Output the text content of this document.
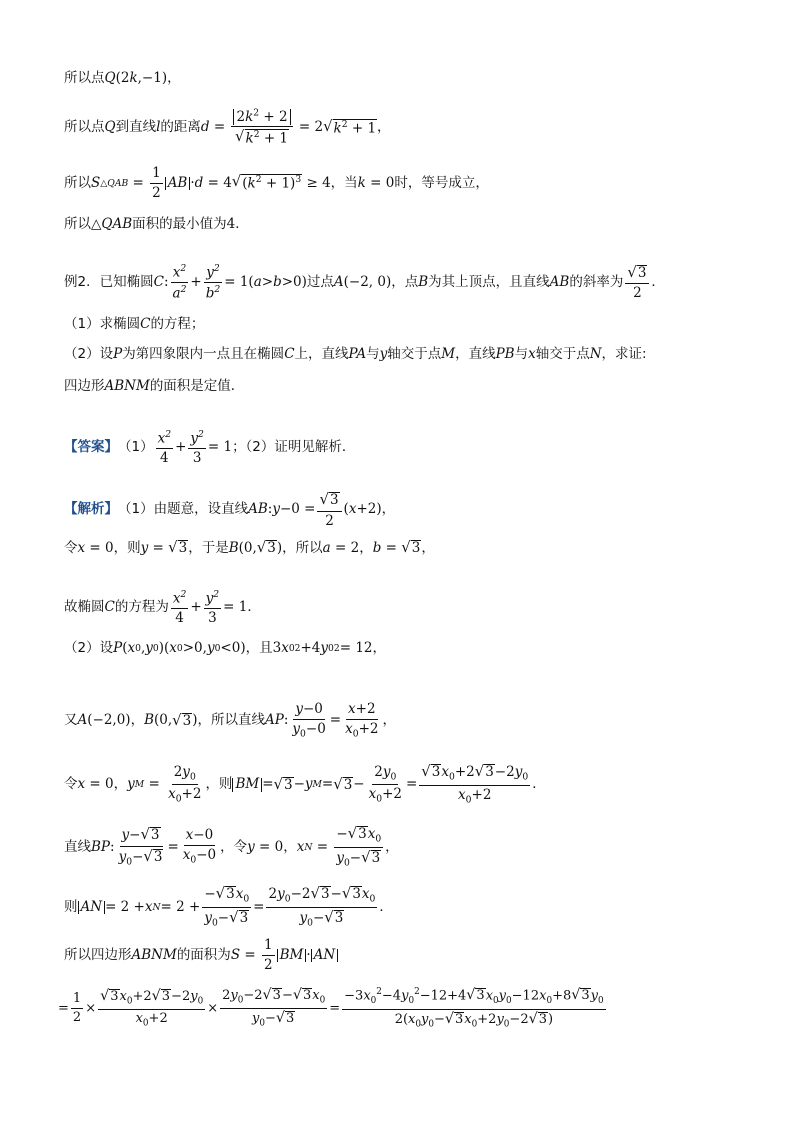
所以点 Q (2 k ,−1) ，
所以点 Q 到直线 l 的距离 $d = \frac{2k^2 + 2}{√ k^2 + 1} = 2$ √ $k^2 + 1$ ，
所以 S △QAB = $\frac{1}{2}$ AB · d = 4 √ $(k^2 + 1)^3 \ge 4$ ，当 k = 0 时，等号成立，
所以 △ QAB 面积的最小值为 4 ．
例2．已知椭圆 C : $\frac{x^2}{a^2} + \frac{y^2}{b^2} = 1$( a > b >0) 过点 A (−2, 0) ，点 B 为其上顶点，且直线 AB 的斜率为 $\frac{√ 3}{2}$ ．
（1）求椭圆 C 的方程；
（2）设 P 为第四象限内一点且在椭圆 C 上，直线 PA 与 y 轴交于点 M ，直线 PB 与 x 轴交于点 N ，求证:
四边形 ABNM 的面积是定值．
【答案】 $(1) \frac{x^2}{4} + \frac{y^2}{3} = 1$ ；（2）证明见解析．
【解析】 （1）由题意，设直线 AB : $y -0 = \frac{√ 3}{2}$ ( x +2) ，
令 x = 0 ，则 y = √ 3 ，于是 B (0, √ 3 ) ，所以 a = 2 ， b = √ 3 ，
故椭圆 C 的方程为 $\frac{x^2}{4} + \frac{y^2}{3} = 1$ ．
（2）设 P ( x 0 , y 0 )( x 0 >0, y 0 <0) ，且 3 x 0 2 +4 y 0 2 = 12 ，
又 A (−2,0) ， B (0, √ 3 ) ，所以直线 AP : $\frac{y-0}{y_0-0} = \frac{x+2}{x_0+2}$ ，
令 x = 0 ， y $M = \frac{2y_0}{x_0+2}$ ，则 BM = √ 3 − y M = √ $3 - \frac{2y_0}{x_0+2} = \frac{√ 3 x_0+2 √ 3 -2y_0}{x_0+2}$ ．
直线 BP : $\frac{y- √ 3}{y_0- √ 3} = \frac{x-0}{x_0-0}$ ，令 y = 0 ， x $N = \frac{- √ 3 x_0}{y_0- √ 3}$ ，
则 AN = 2 + x $N = 2 + \frac{- √ 3 x_0}{y_0- √ 3} = \frac{2y_0-2 √ 3 - √ 3 x_0}{y_0- √ 3}$ ．
所以四边形 ABNM 的面积为 $S = \frac{1}{2}$ BM · AN
= $\frac{1}{2} \times \frac{√ 3 x_0+2 √ 3 -2y_0}{x_0+2} \times \frac{2y_0-2 √ 3 - √ 3 x_0}{y_0- √ 3} = \frac{-3x_0^2-4y_0^2-12+4 √ 3 x_0y_0-12x_0+8 √ 3 y_0}{2(x_0y_0- √ 3 x_0+2y_0-2 √ 3 )}$
